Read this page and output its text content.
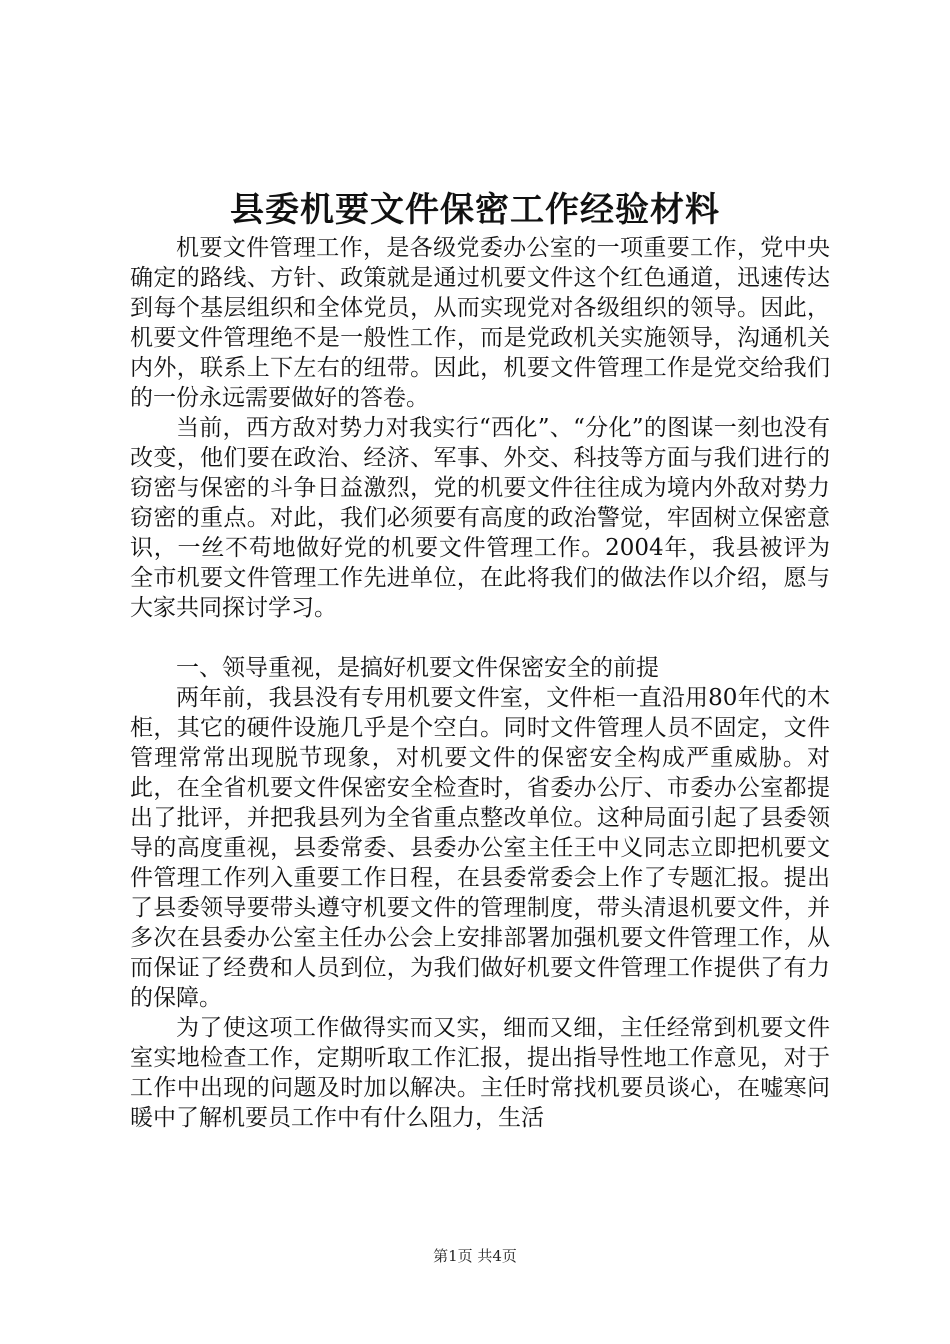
县委机要文件保密工作经验材料

机要文件管理工作，是各级党委办公室的一项重要工作，党中央确定的路线、方针、政策就是通过机要文件这个红色通道，迅速传达到每个基层组织和全体党员，从而实现党对各级组织的领导。因此，机要文件管理绝不是一般性工作，而是党政机关实施领导，沟通机关内外，联系上下左右的纽带。因此，机要文件管理工作是党交给我们的一份永远需要做好的答卷。

当前，西方敌对势力对我实行“西化”、“分化”的图谋一刻也没有改变，他们要在政治、经济、军事、外交、科技等方面与我们进行的窃密与保密的斗争日益激烈，党的机要文件往往成为境内外敌对势力窃密的重点。对此，我们必须要有高度的政治警觉，牢固树立保密意识，一丝不苟地做好党的机要文件管理工作。2004年，我县被评为全市机要文件管理工作先进单位，在此将我们的做法作以介绍，愿与大家共同探讨学习。

一、领导重视，是搞好机要文件保密安全的前提

两年前，我县没有专用机要文件室，文件柜一直沿用80年代的木柜，其它的硬件设施几乎是个空白。同时文件管理人员不固定，文件管理常常出现脱节现象，对机要文件的保密安全构成严重威胁。对此，在全省机要文件保密安全检查时，省委办公厅、市委办公室都提出了批评，并把我县列为全省重点整改单位。这种局面引起了县委领导的高度重视，县委常委、县委办公室主任王中义同志立即把机要文件管理工作列入重要工作日程，在县委常委会上作了专题汇报。提出了县委领导要带头遵守机要文件的管理制度，带头清退机要文件，并多次在县委办公室主任办公会上安排部署加强机要文件管理工作，从而保证了经费和人员到位，为我们做好机要文件管理工作提供了有力的保障。

为了使这项工作做得实而又实，细而又细，主任经常到机要文件室实地检查工作，定期听取工作汇报，提出指导性地工作意见，对于工作中出现的问题及时加以解决。主任时常找机要员谈心，在嘘寒问暖中了解机要员工作中有什么阻力，生活

第1页 共4页
